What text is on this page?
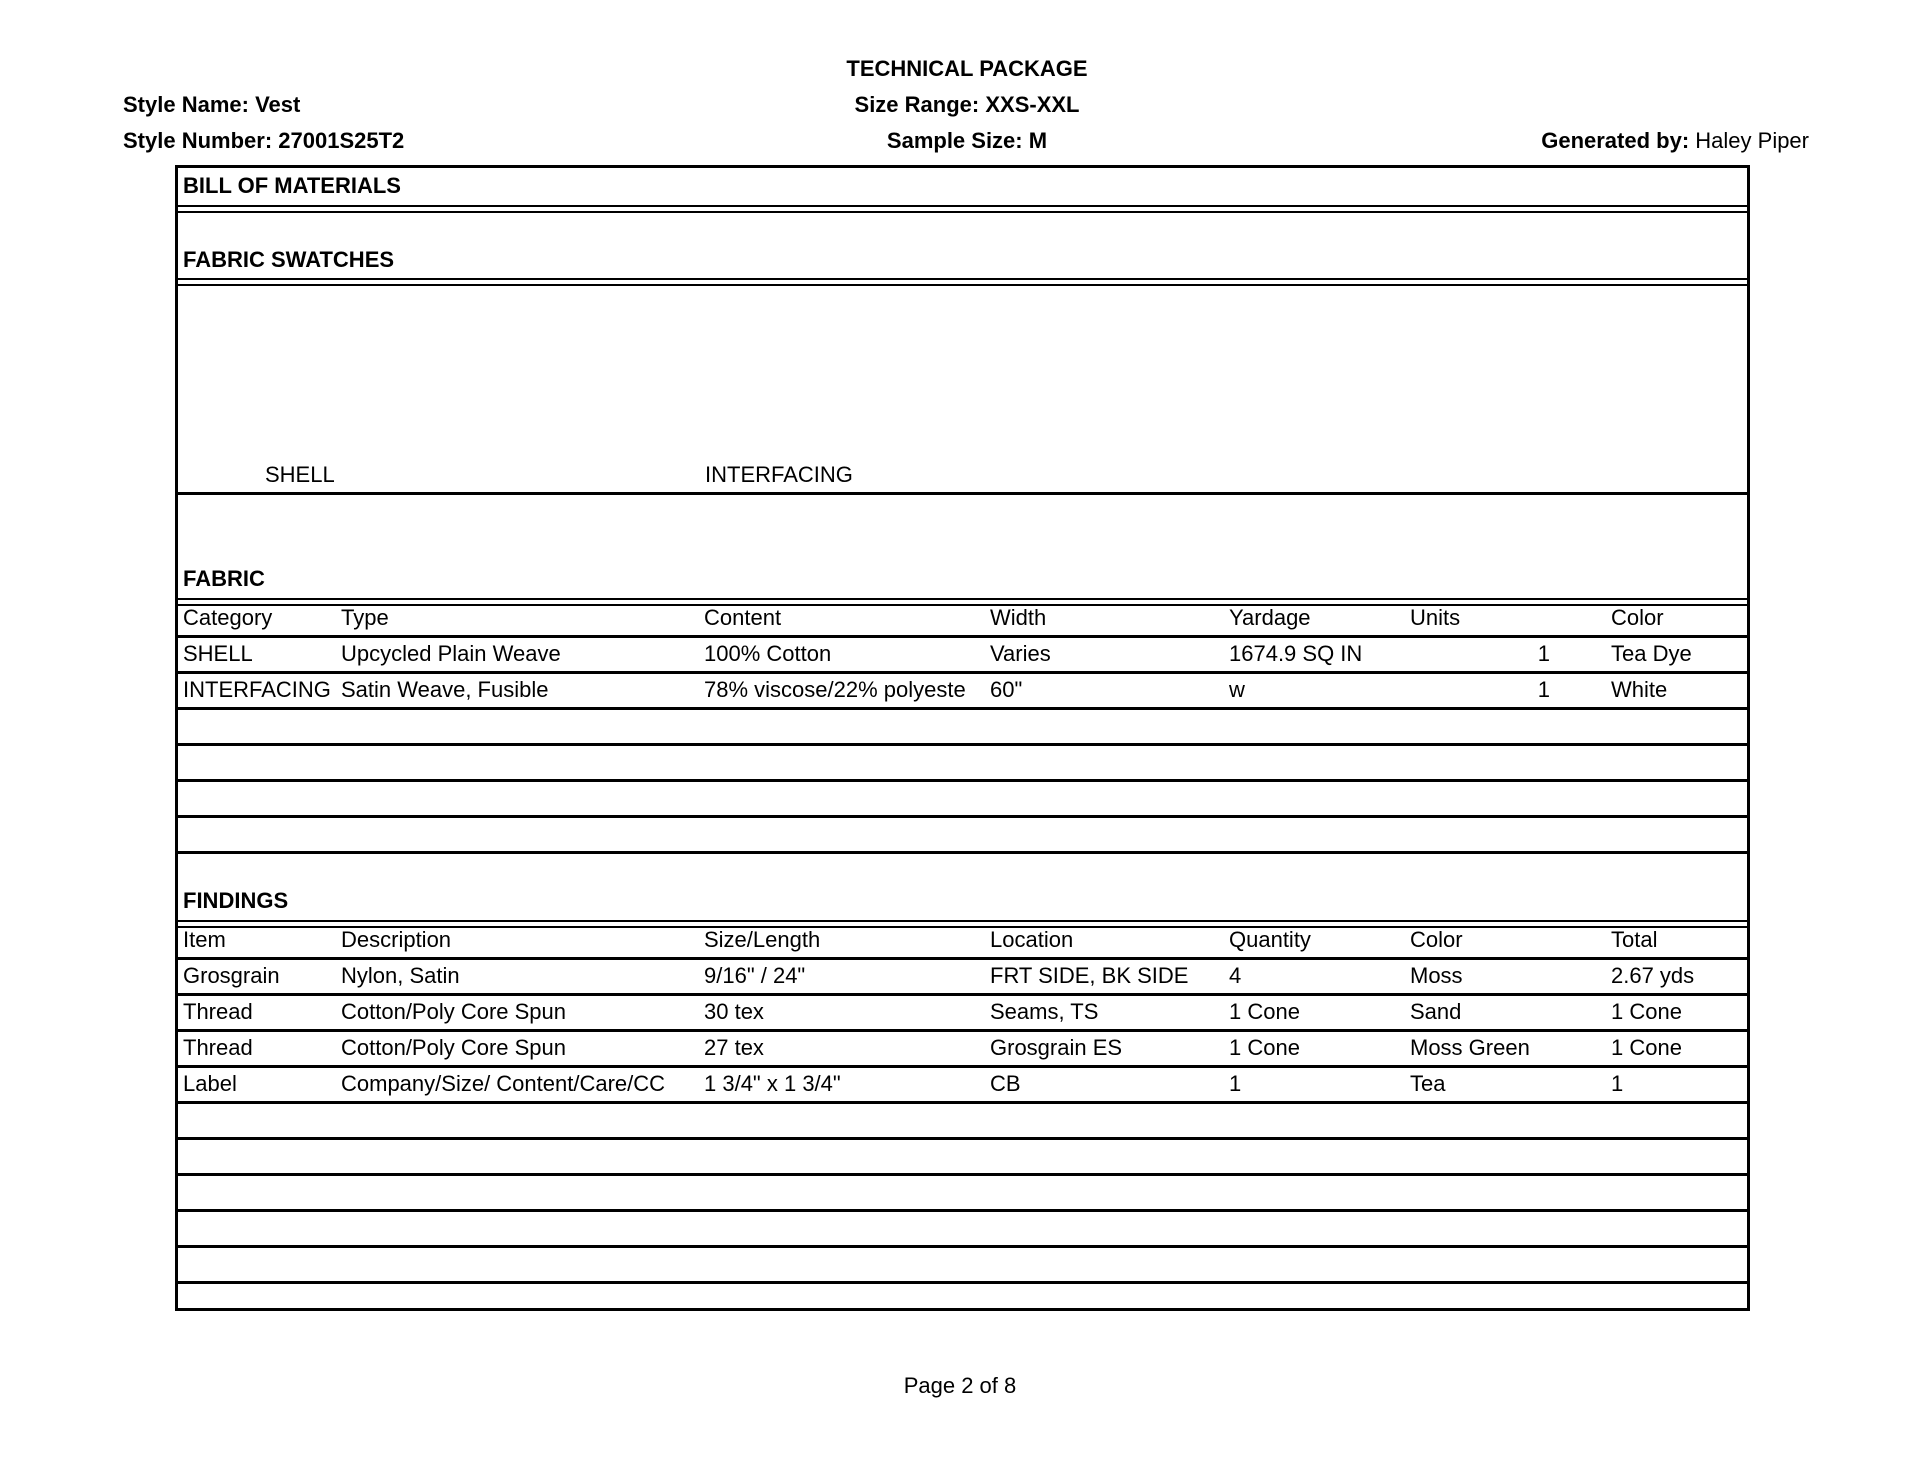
TECHNICAL PACKAGE
Style Name: Vest
Style Number: 27001S25T2
Size Range: XXS-XXL
Sample Size: M	Generated by: Haley Piper
BILL OF MATERIALS
FABRIC SWATCHES
SHELL	INTERFACING
FABRIC
FINDINGS
Category	Type	Content	Width	Yardage	Units	Color
SHELL	Upcycled Plain Weave	100% Cotton	Varies	1674.9 SQ IN	1	Tea Dye
INTERFACING Satin Weave, Fusible	78% viscose/22% polyeste	60"	w	1	White
Item	Description	Size/Length	Location	Quantity	Color	Total
Grosgrain	Nylon, Satin	9/16" / 24"	FRT SIDE, BK SIDE	4	Moss	2.67 yds
Thread	Cotton/Poly Core Spun	30 tex	Seams, TS	1 Cone	Sand	1 Cone
Thread	Cotton/Poly Core Spun	27 tex	Grosgrain ES	1 Cone	Moss Green	1 Cone
Label	Company/Size/ Content/Care/CC	1 3/4" x 1 3/4"	CB	1	Tea	1
Page 2 of 8
